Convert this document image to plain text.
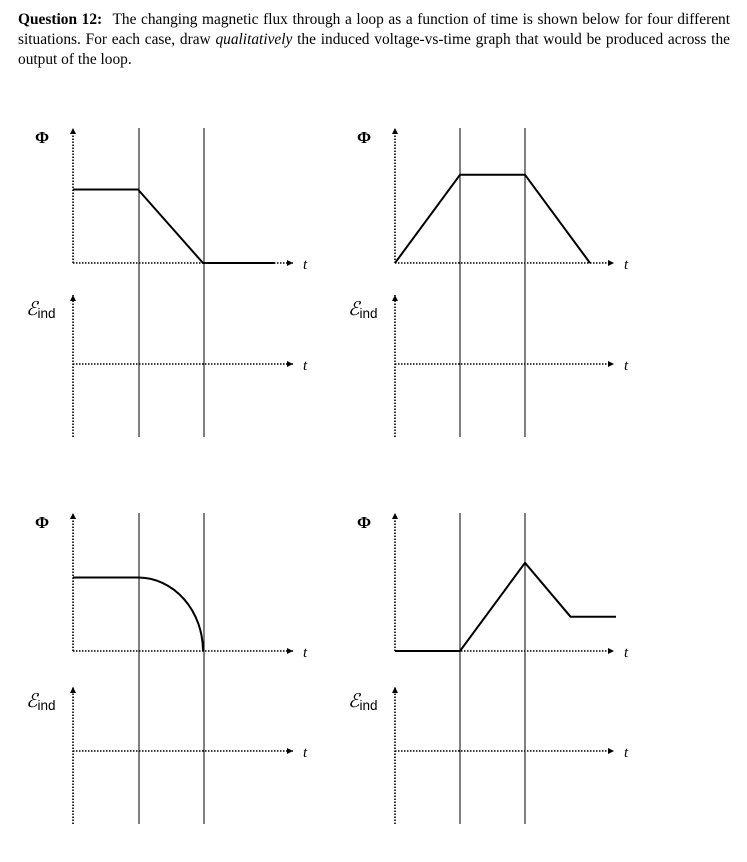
Question 12: The changing magnetic flux through a loop as a function of time is shown below for four different situations. For each case, draw qualitatively the induced voltage-vs-time graph that would be produced across the output of the loop.
Φ
t
t
ℰind
Φ
t
t
ℰind
Φ
t
t
ℰind
Φ
t
t
ℰind
